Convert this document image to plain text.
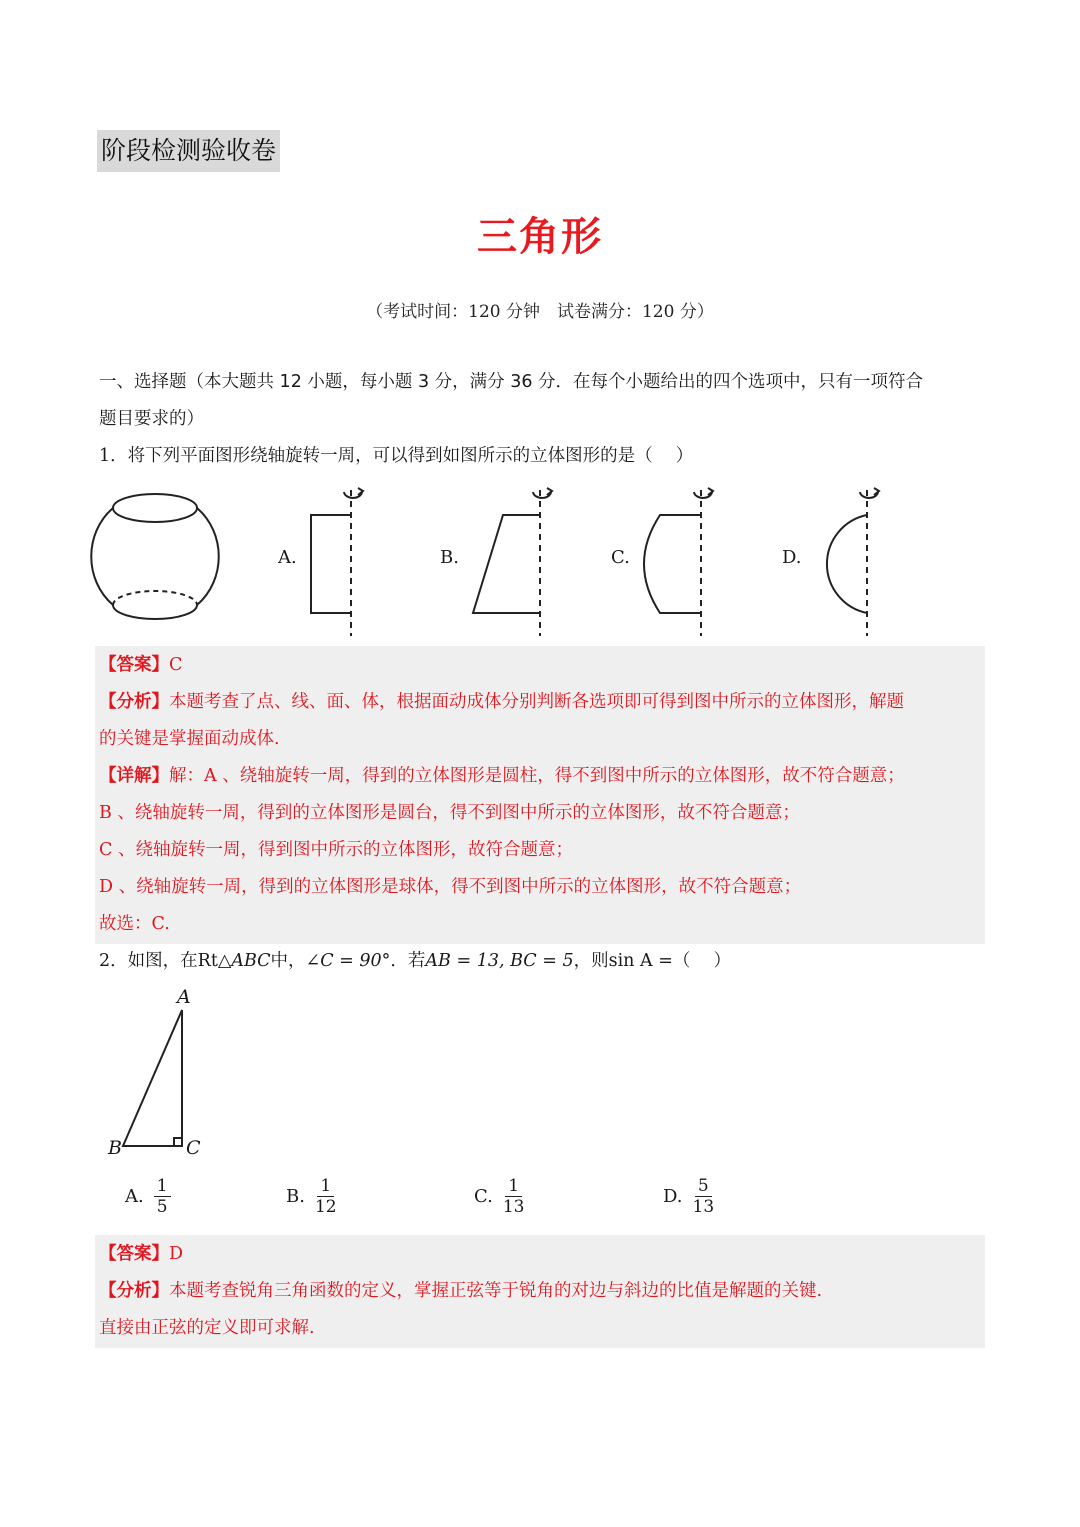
阶段检测验收卷
三角形
（考试时间：120 分钟　试卷满分：120 分）
一、选择题（本大题共 12 小题，每小题 3 分，满分 36 分．在每个小题给出的四个选项中，只有一项符合
题目要求的）
1．将下列平面图形绕轴旋转一周，可以得到如图所示的立体图形的是（　 ）
A.	B.	C.	D.
【答案】C
【分析】本题考查了点、线、面、体，根据面动成体分别判断各选项即可得到图中所示的立体图形，解题
的关键是掌握面动成体.
【详解】解：A 、绕轴旋转一周，得到的立体图形是圆柱，得不到图中所示的立体图形，故不符合题意；
B 、绕轴旋转一周，得到的立体图形是圆台，得不到图中所示的立体图形，故不符合题意；
C 、绕轴旋转一周，得到图中所示的立体图形，故符合题意；
D 、绕轴旋转一周，得到的立体图形是球体，得不到图中所示的立体图形，故不符合题意；
故选：C.
2．如图，在Rt△ABC中，∠C = 90°．若AB = 13, BC = 5，则sin A =（　 ）
A
B	C
A. $\frac{1}{5}$	B. $\frac{1}{12}$	C. $\frac{1}{13}$	D. $\frac{5}{13}$
【答案】D
【分析】本题考查锐角三角函数的定义，掌握正弦等于锐角的对边与斜边的比值是解题的关键.
直接由正弦的定义即可求解.
